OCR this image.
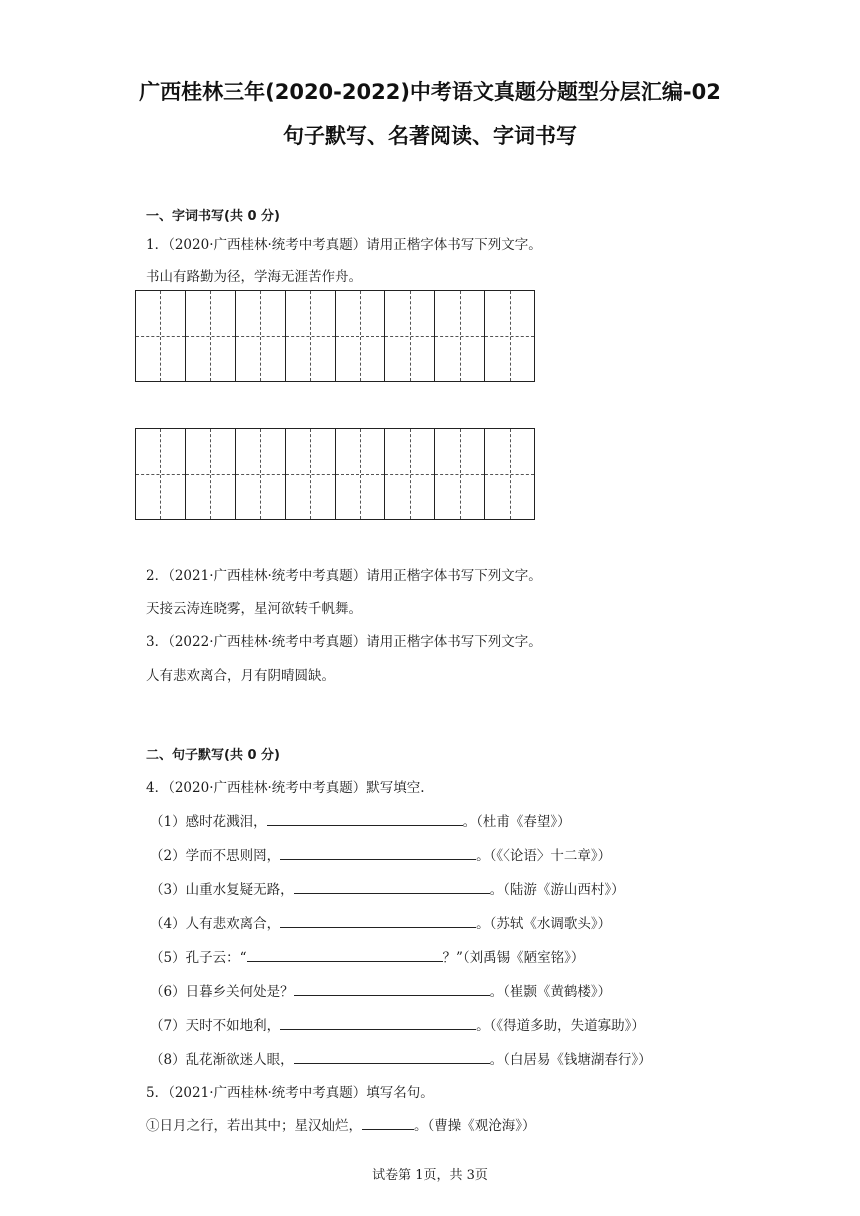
广西桂林三年(2020-2022)中考语文真题分题型分层汇编-02
句子默写、名著阅读、字词书写
一、字词书写(共 0 分)
1．（2020·广西桂林·统考中考真题）请用正楷字体书写下列文字。
书山有路勤为径，学海无涯苦作舟。
2．（2021·广西桂林·统考中考真题）请用正楷字体书写下列文字。
天接云涛连晓雾，星河欲转千帆舞。
3．（2022·广西桂林·统考中考真题）请用正楷字体书写下列文字。
人有悲欢离合，月有阴晴圆缺。
二、句子默写(共 0 分)
4．（2020·广西桂林·统考中考真题）默写填空.
（1）感时花溅泪，	。（杜甫《春望》）
（2）学而不思则罔，	。（《〈论语〉十二章》）
（3）山重水复疑无路，	。（陆游《游山西村》）
（4）人有悲欢离合，	。（苏轼《水调歌头》）
（5）孔子云：“	？”（刘禹锡《陋室铭》）
（6）日暮乡关何处是？	。（崔颢《黄鹤楼》）
（7）天时不如地利，	。（《得道多助，失道寡助》）
（8）乱花渐欲迷人眼，	。（白居易《钱塘湖春行》）
5．（2021·广西桂林·统考中考真题）填写名句。
①日月之行，若出其中；星汉灿烂，	。（曹操《观沧海》）
试卷第 1页，共 3页
